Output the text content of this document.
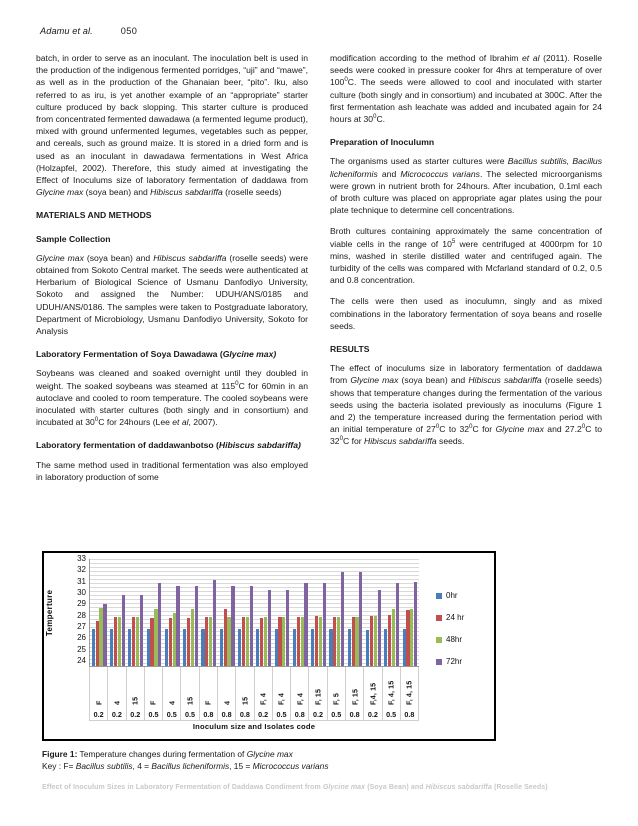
Adamu et al.	050

batch, in order to serve as an inoculant. The inoculation belt is used in the production of the indigenous fermented porridges, “uji” and “mawe”, as well as in the production of the Ghanaian beer, “pito”. Iku, also referred to as iru, is yet another example of an “appropriate” starter culture produced by back slopping. This starter culture is produced from concentrated fermented dawadawa (a fermented legume product), mixed with ground unfermented legumes, vegetables such as pepper, and cereals, such as ground maize. It is stored in a dried form and is used as an inoculant in dawadawa fermentations in West Africa (Holzapfel, 2002). Therefore, this study aimed at investigating the Effect of Inoculums size of laboratory fermentation of daddawa from Glycine max (soya bean) and Hibiscus sabdariffa (roselle seeds)

MATERIALS AND METHODS
Sample Collection

Glycine max (soya bean) and Hibiscus sabdariffa (roselle seeds) were obtained from Sokoto Central market. The seeds were authenticated at Herbarium of Biological Science of Usmanu Danfodiyo University, Sokoto and assigned the Number: UDUH/ANS/0185 and UDUH/ANS/0186. The samples were taken to Postgraduate laboratory, Department of Microbiology, Usmanu Danfodiyo University, Sokoto for Analysis

Laboratory Fermentation of Soya Dawadawa (Glycine max)

Soybeans was cleaned and soaked overnight until they doubled in weight. The soaked soybeans was steamed at $115^0C$ for 60min in an autoclave and cooled to room temperature. The cooled soybeans were inoculated with starter cultures (both singly and in consortium) and incubated at $30^0C$ for 24hours (Lee et al, 2007).

Laboratory fermentation of daddawanbotso (Hibiscus sabdariffa)

The same method used in traditional fermentation was also employed in laboratory production of some

modification according to the method of Ibrahim et al (2011). Roselle seeds were cooked in pressure cooker for 4hrs at temperature of over $100^0C$. The seeds were allowed to cool and inoculated with starter culture (both singly and in consortium) and incubated at 300C. After the first fermentation ash leachate was added and incubated again for 24 hours at $30^0C$.

Preparation of Inoculumn

The organisms used as starter cultures were Bacillus subtilis, Bacillus licheniformis and Micrococcus varians. The selected microorganisms were grown in nutrient broth for 24hours. After incubation, 0.1ml each of broth culture was placed on appropriate agar plates using the pour plate technique to determine cell concentrations.

Broth cultures containing approximately the same concentration of viable cells in the range of $10^5$ were centrifuged at 4000rpm for 10 mins, washed in sterile distilled water and centrifuged again. The turbidity of the cells was compared with Mcfarland standard of 0.2, 0.5 and 0.8 concentration.

The cells were then used as inoculumn, singly and as mixed combinations in the laboratory fermentation of soya beans and roselle seeds.

RESULTS

The effect of inoculums size in laboratory fermentation of daddawa from Glycine max (soya bean) and Hibiscus sabdariffa (roselle seeds) shows that temperature changes during the fermentation of the various seeds using the bacteria isolated previously as inoculums (Figure 1 and 2) the temperature increased during the fermentation period with an initial temperature of $27^0C$ to $32^0C$ for Glycine max and 27.2$^0$C to $32^0C$ for Hibiscus sabdariffa seeds.

Temperture
33
32
31
30
29
28
27
26
25
24
F
0.2
4
0.2
15
0.2
F
0.5
4
0.5
15
0.5
F
0.8
4
0.8
15
0.8
F, 4
0.2
F, 4
0.5
F, 4
0.8
F, 15
0.2
F, 5
0.5
F, 15
0.8
F,4, 15
0.2
F, 4, 15
0.5
F, 4, 15
0.8
Inoculum size and Isolates code
0hr
24 hr
48hr
72hr
Figure 1: Temperature changes during fermentation of Glycine max
Key : F= Bacillus subtilis, 4 = Bacillus licheniformis, 15 = Micrococcus varians
Effect of Inoculum Sizes in Laboratory Fermentation of Daddawa Condiment from Glycine max (Soya Bean) and Hibiscus sabdariffa (Roselle Seeds)
